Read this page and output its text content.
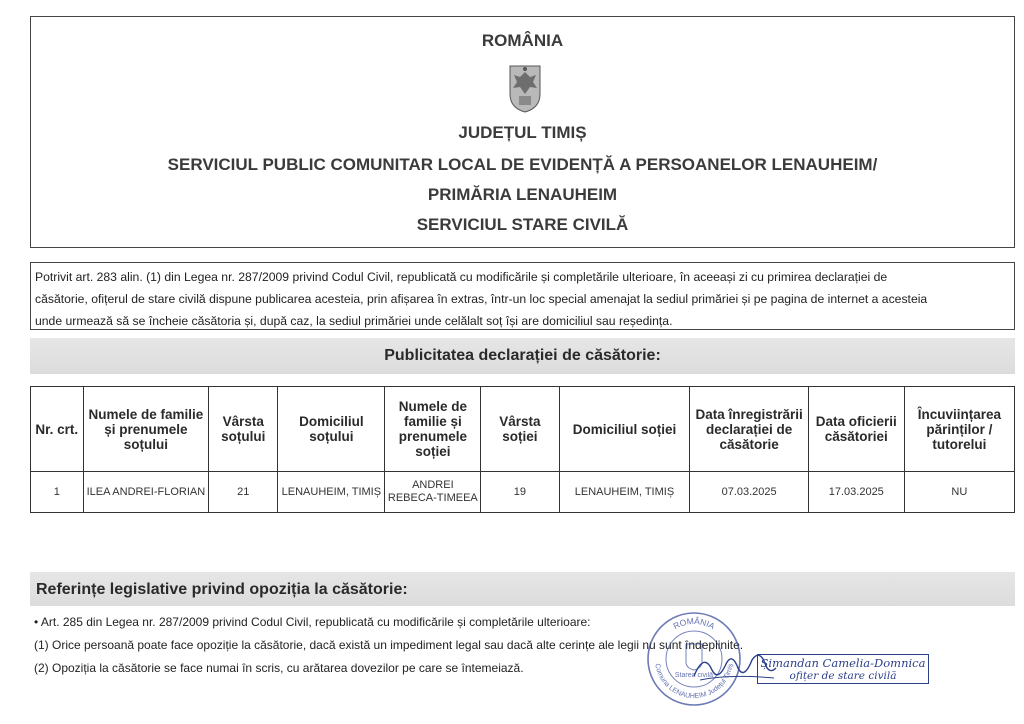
ROMÂNIA
JUDEȚUL TIMIȘ
SERVICIUL PUBLIC COMUNITAR LOCAL DE EVIDENȚĂ A PERSOANELOR LENAUHEIM/
PRIMĂRIA LENAUHEIM
SERVICIUL STARE CIVILĂ
Potrivit art. 283 alin. (1) din Legea nr. 287/2009 privind Codul Civil, republicată cu modificările și completările ulterioare, în aceeași zi cu primirea declarației de
căsătorie, ofițerul de stare civilă dispune publicarea acesteia, prin afișarea în extras, într-un loc special amenajat la sediul primăriei și pe pagina de internet a acesteia
unde urmează să se încheie căsătoria și, după caz, la sediul primăriei unde celălalt soț își are domiciliul sau reședința.
Publicitatea declarației de căsătorie:
Nr. crt.	Numele de familie și prenumele soțului	Vârsta soțului	Domiciliul soțului	Numele de familie și prenumele soției	Vârsta soției	Domiciliul soției	Data înregistrării declarației de căsătorie	Data oficierii căsătoriei	Încuviințarea părinților / tutorelui
1	ILEA ANDREI-FLORIAN	21	LENAUHEIM, TIMIȘ	ANDREI REBECA-TIMEEA	19	LENAUHEIM, TIMIȘ	07.03.2025	17.03.2025	NU
Referințe legislative privind opoziția la căsătorie:
• Art. 285 din Legea nr. 287/2009 privind Codul Civil, republicată cu modificările și completările ulterioare:
(1) Orice persoană poate face opoziție la căsătorie, dacă există un impediment legal sau dacă alte cerințe ale legii nu sunt îndeplinite.
(2) Opoziția la căsătorie se face numai în scris, cu arătarea dovezilor pe care se întemeiază.
ROMÂNIA
Comuna LENAUHEIM Județul Timiș
Starea civilă
Șimandan Camelia-Domnica
ofițer de stare civilă
